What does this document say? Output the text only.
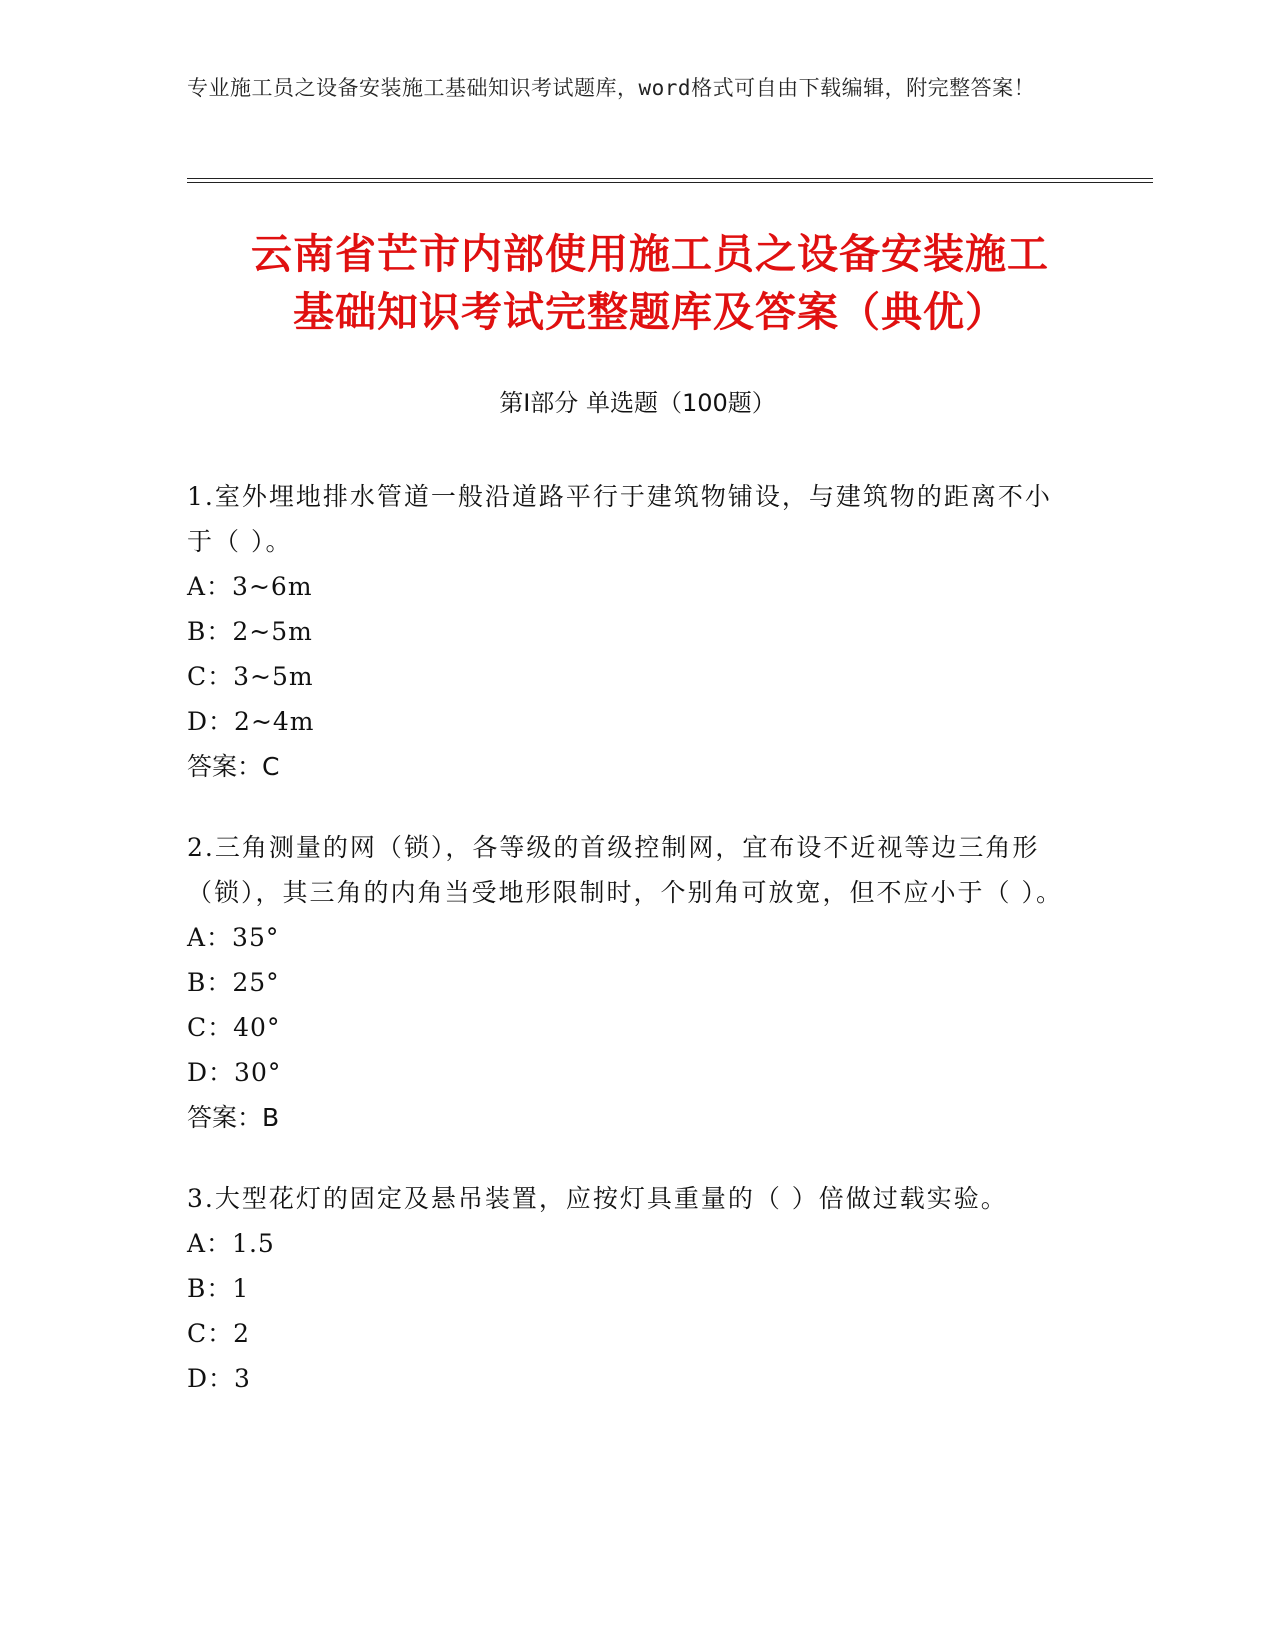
专业施工员之设备安装施工基础知识考试题库，word格式可自由下载编辑，附完整答案！
云南省芒市内部使用施工员之设备安装施工
基础知识考试完整题库及答案（典优）
第Ⅰ部分 单选题（100题）
1.室外埋地排水管道一般沿道路平行于建筑物铺设，与建筑物的距离不小于（ ）。
A：3~6m
B：2~5m
C：3~5m
D：2~4m
答案：C
2.三角测量的网（锁），各等级的首级控制网，宜布设不近视等边三角形（锁），其三角的内角当受地形限制时，个别角可放宽，但不应小于（ ）。
A：35°
B：25°
C：40°
D：30°
答案：B
3.大型花灯的固定及悬吊装置，应按灯具重量的（ ）倍做过载实验。
A：1.5
B：1
C：2
D：3
